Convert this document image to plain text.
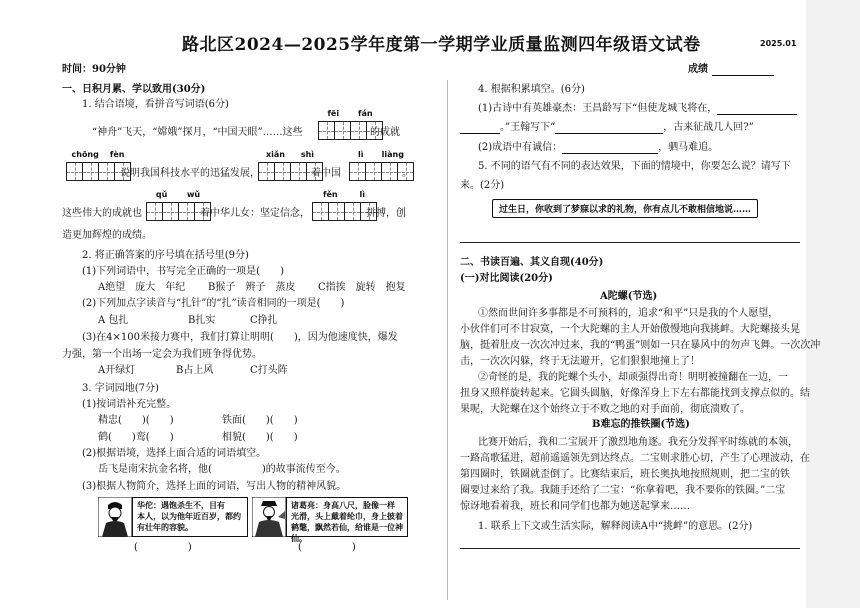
路北区2024—2025学年度第一学期学业质量监测四年级语文试卷	2025.01
时间：90分钟	成绩
一、日积月累、学以致用(30分)
1. 结合语境，看拼音写词语(6分)
“神舟”飞天，“嫦娥”探月，“中国天眼”……这些
fēi fán
的成就
chōng fèn
说明我国科技水平的迅猛发展，
xiǎn shì
着中国
lì liàng
。
这些伟大的成就也
qǔ wǔ
着中华儿女：坚定信念，
fěn	lì
拼搏，创
造更加辉煌的成绩。
2. 将正确答案的序号填在括号里(9分)
(1)下列词语中，书写完全正确的一项是(　　)
A绝望　庞大　年纪 B猴子　辨子　蒸皮 C指挨　旋转　抱复
(2)下列加点字读音与“扎针”的“扎”读音相同的一项是(　　)
A 包扎	B扎实	C挣扎
(3)在4×100米接力赛中，我们打算让明明(　　)，因为他速度快，爆发
力强，第一个出场一定会为我们班争得优势。
A开绿灯	B占上风	C打头阵
3. 字词园地(7分)
(1)按词语补充完整。
精忠(　　)(　　)	铁面(　　)(　　)
鹤(　　)鸾(　　)	相貌(　　)(　　)
(2)根据语境，选择上面合适的词语填空。
岳飞是南宋抗金名将，他(　　　　　)的故事流传至今。
(3)根据人物简介，选择上面的词语，写出人物的精神风貌。
华佗：遇饱杀生不，目有
本人，以为他年近百岁，都约
有壮年的容貌。
诸葛亮：身高八尺，脸像一样
光滑，头上戴着纶巾，身上披着
鹤氅，飘然若仙，给谁是一位神仙。
(　　　　　)	(　　　　　)
4. 根据积累填空。(6分)
(1)古诗中有英雄豪杰：王昌龄写下“但使龙城飞将在，
。”王翰写下“	，古来征战几人回?”
(2)成语中有诚信：	，驷马难追。
5. 不同的语气有不同的表达效果，下面的情境中，你要怎么说？请写下
来。(2分)
过生日，你收到了梦寐以求的礼物，你有点儿不敢相信地说……
二、书读百遍、其义自现(40分)
(一)对比阅读(20分)
A陀螺(节选)
①然而世间许多事都是不可预料的，追求“和平”只是我的个人愿望，
小伙伴们可不甘寂寞，一个大陀螺的主人开始傲慢地向我挑衅。大陀螺接头晃
脑，挺着肚皮一次次冲过来，我的“鸭蛋”则如一只在暴风中的勿声飞舞。一次次冲
击，一次次闪躲，终于无法避开，它们狠狠地撞上了！
②奇怪的是，我的陀螺个头小，却顽强得出奇！明明被撞翻在一边，一
扭身又照样旋转起来。它圆头圆脑，好像浑身上下左右都能找到支撑点似的。结
果呢，大陀螺在这个始终立于不败之地的对手面前，彻底溃败了。
B难忘的推铁圈(节选)
比赛开始后，我和二宝展开了激烈地角逐。我充分发挥平时练就的本领，
一路高歌猛进，超前遥遥领先到达终点。二宝则求胜心切，产生了心理波动，在
第四圈时，铁圈就歪倒了。比赛结束后，班长奥执地按照规则，把二宝的铁
圈要过来给了我。我随手还给了二宝：“你拿着吧，我不要你的铁圈。”二宝
惊讶地看着我，班长和同学们也都为她送起掌来……
1. 联系上下文或生活实际，解释阅读A中“挑衅”的意思。(2分)
